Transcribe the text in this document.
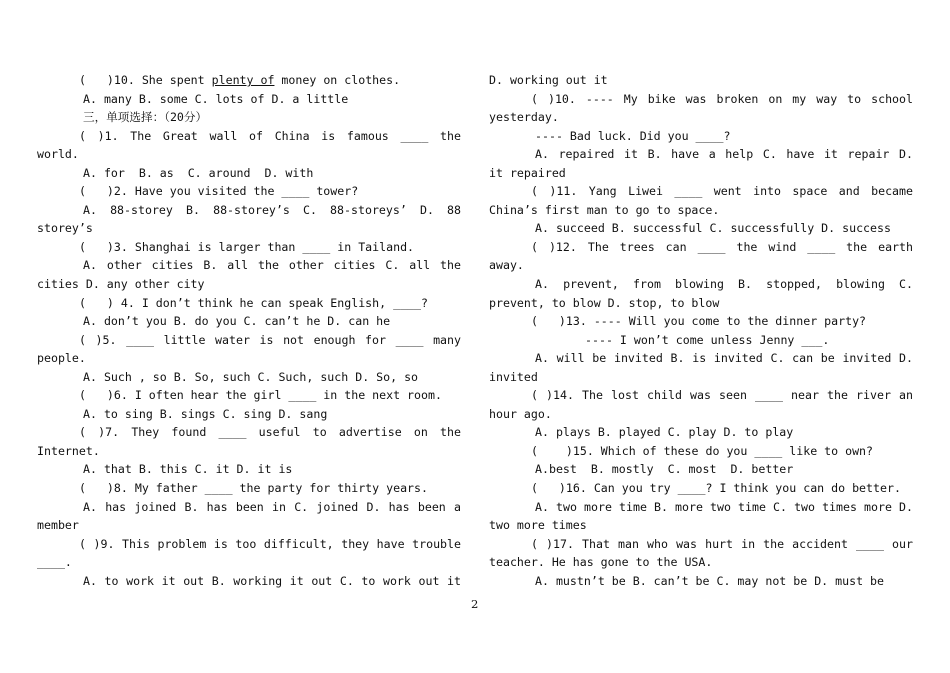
(   )10. She spent plenty of money on clothes.
A. many B. some C. lots of D. a little
三，单项选择：（20分）
( )1. The Great wall of China is famous ____ the
world.
A. for  B. as  C. around  D. with
(   )2. Have you visited the ____ tower?
A. 88-storey B. 88-storey’s C. 88-storeys’ D. 88
storey’s
(   )3. Shanghai is larger than ____ in Tailand.
A. other cities B. all the other cities C. all the
cities D. any other city
(   ) 4. I don’t think he can speak English, ____?
A. don’t you B. do you C. can’t he D. can he
( )5. ____ little water is not enough for ____ many
people.
A. Such , so B. So, such C. Such, such D. So, so
(   )6. I often hear the girl ____ in the next room.
A. to sing B. sings C. sing D. sang
( )7. They found ____ useful to advertise on the
Internet.
A. that B. this C. it D. it is
(   )8. My father ____ the party for thirty years.
A. has joined B. has been in C. joined D. has been a
member
( )9. This problem is too difficult, they have trouble
____.
A. to work it out B. working it out C. to work out it
D. working out it
( )10. ---- My bike was broken on my way to school
yesterday.
---- Bad luck. Did you ____?
A. repaired it B. have a help C. have it repair D.
it repaired
( )11. Yang Liwei ____ went into space and became
China’s first man to go to space.
A. succeed B. successful C. successfully D. success
( )12. The trees can ____ the wind ____ the earth
away.
A. prevent, from blowing B. stopped, blowing C.
prevent, to blow D. stop, to blow
(   )13. ---- Will you come to the dinner party?
---- I won’t come unless Jenny ___.
A. will be invited B. is invited C. can be invited D.
invited
( )14. The lost child was seen ____ near the river an
hour ago.
A. plays B. played C. play D. to play
(    )15. Which of these do you ____ like to own?
A.best  B. mostly  C. most  D. better
(   )16. Can you try ____? I think you can do better.
A. two more time B. more two time C. two times more D.
two more times
( )17. That man who was hurt in the accident ____ our
teacher. He has gone to the USA.
A. mustn’t be B. can’t be C. may not be D. must be
2
